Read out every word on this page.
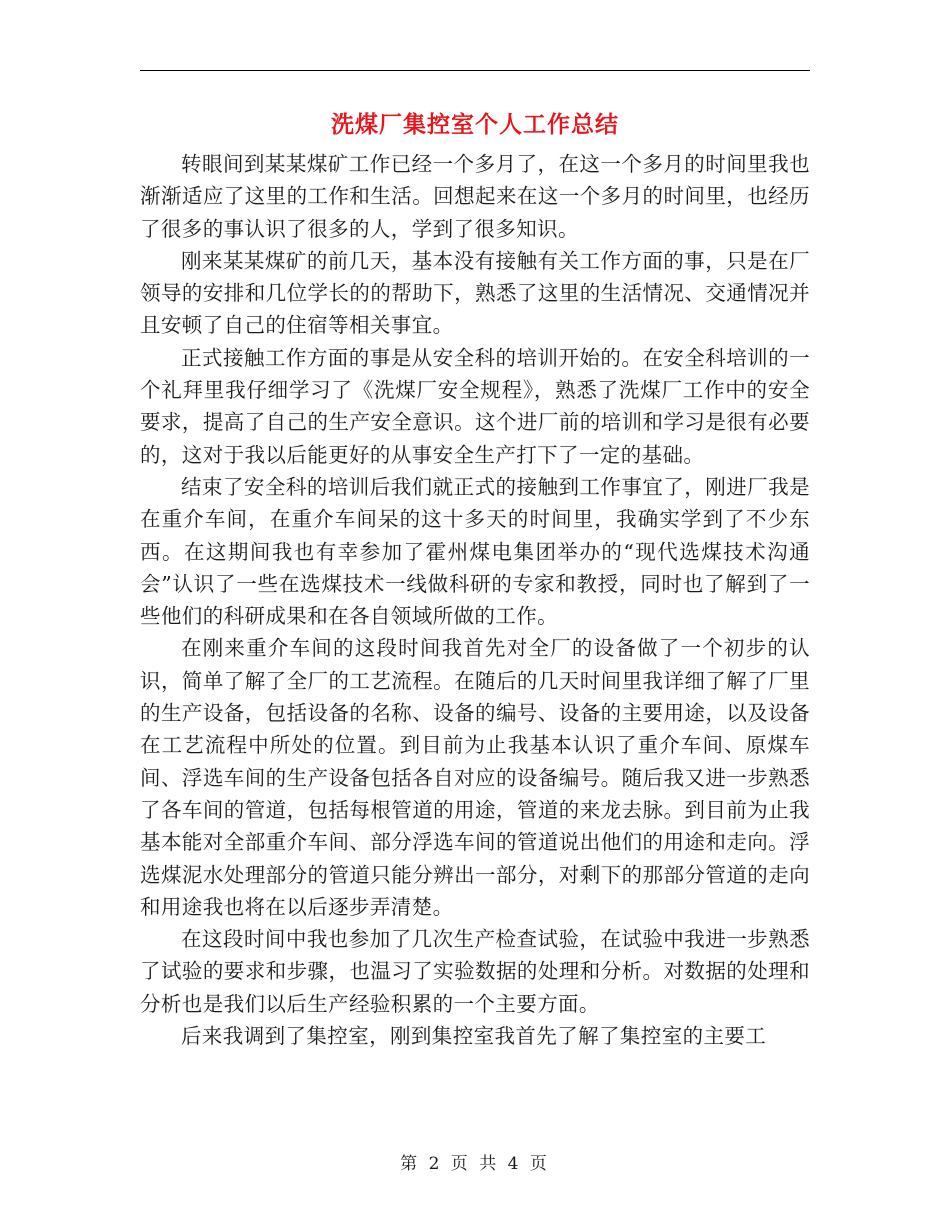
洗煤厂集控室个人工作总结

转眼间到某某煤矿工作已经一个多月了，在这一个多月的时间里我也渐渐适应了这里的工作和生活。回想起来在这一个多月的时间里，也经历了很多的事认识了很多的人，学到了很多知识。

刚来某某煤矿的前几天，基本没有接触有关工作方面的事，只是在厂领导的安排和几位学长的的帮助下，熟悉了这里的生活情况、交通情况并且安顿了自己的住宿等相关事宜。

正式接触工作方面的事是从安全科的培训开始的。在安全科培训的一个礼拜里我仔细学习了《洗煤厂安全规程》，熟悉了洗煤厂工作中的安全要求，提高了自己的生产安全意识。这个进厂前的培训和学习是很有必要的，这对于我以后能更好的从事安全生产打下了一定的基础。

结束了安全科的培训后我们就正式的接触到工作事宜了，刚进厂我是在重介车间，在重介车间呆的这十多天的时间里，我确实学到了不少东西。在这期间我也有幸参加了霍州煤电集团举办的“现代选煤技术沟通会”认识了一些在选煤技术一线做科研的专家和教授，同时也了解到了一些他们的科研成果和在各自领域所做的工作。

在刚来重介车间的这段时间我首先对全厂的设备做了一个初步的认识，简单了解了全厂的工艺流程。在随后的几天时间里我详细了解了厂里的生产设备，包括设备的名称、设备的编号、设备的主要用途，以及设备在工艺流程中所处的位置。到目前为止我基本认识了重介车间、原煤车间、浮选车间的生产设备包括各自对应的设备编号。随后我又进一步熟悉了各车间的管道，包括每根管道的用途，管道的来龙去脉。到目前为止我基本能对全部重介车间、部分浮选车间的管道说出他们的用途和走向。浮选煤泥水处理部分的管道只能分辨出一部分，对剩下的那部分管道的走向和用途我也将在以后逐步弄清楚。

在这段时间中我也参加了几次生产检查试验，在试验中我进一步熟悉了试验的要求和步骤，也温习了实验数据的处理和分析。对数据的处理和分析也是我们以后生产经验积累的一个主要方面。

后来我调到了集控室，刚到集控室我首先了解了集控室的主要工

第 2 页 共 4 页
